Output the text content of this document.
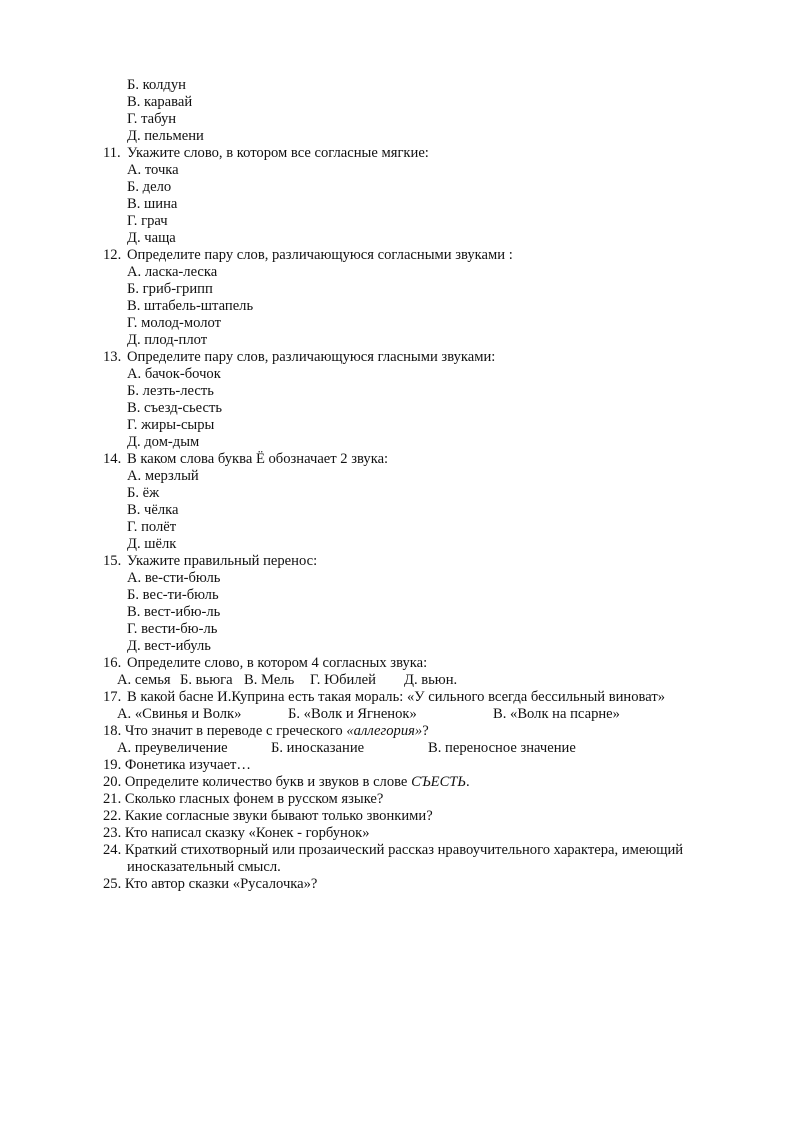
Б. колдун
В. каравай
Г. табун
Д. пельмени
11. Укажите слово, в котором все согласные мягкие:
А. точка
Б. дело
В. шина
Г. грач
Д. чаща
12. Определите пару слов, различающуюся согласными звуками :
А. ласка-леска
Б. гриб-грипп
В. штабель-штапель
Г. молод-молот
Д. плод-плот
13. Определите пару слов, различающуюся гласными звуками:
А. бачок-бочок
Б. лезть-лесть
В. съезд-сьесть
Г. жиры-сыры
Д. дом-дым
14. В каком слова буква Ё обозначает 2 звука:
А. мерзлый
Б. ёж
В. чёлка
Г. полёт
Д. шёлк
15. Укажите правильный перенос:
А. ве-сти-бюль
Б. вес-ти-бюль
В. вест-ибю-ль
Г. вести-бю-ль
Д. вест-ибуль
16. Определите слово, в котором 4 согласных звука:
А. семья Б. вьюга В. Мель Г. Юбилей Д. вьюн.
17. В какой басне И.Куприна есть такая мораль: «У сильного всегда бессильный виноват»
А. «Свинья и Волк»	Б. «Волк и Ягненок»	В. «Волк на псарне»
18. Что значит в переводе с греческого «аллегория»?
А. преувеличение	Б. иносказание	В. переносное значение
19. Фонетика изучает…
20. Определите количество букв и звуков в слове СЪЕСТЬ.
21. Сколько гласных фонем в русском языке?
22. Какие согласные звуки бывают только звонкими?
23. Кто написал сказку «Конек - горбунок»
24. Краткий стихотворный или прозаический рассказ нравоучительного характера, имеющий
иносказательный смысл.
25. Кто автор сказки «Русалочка»?
